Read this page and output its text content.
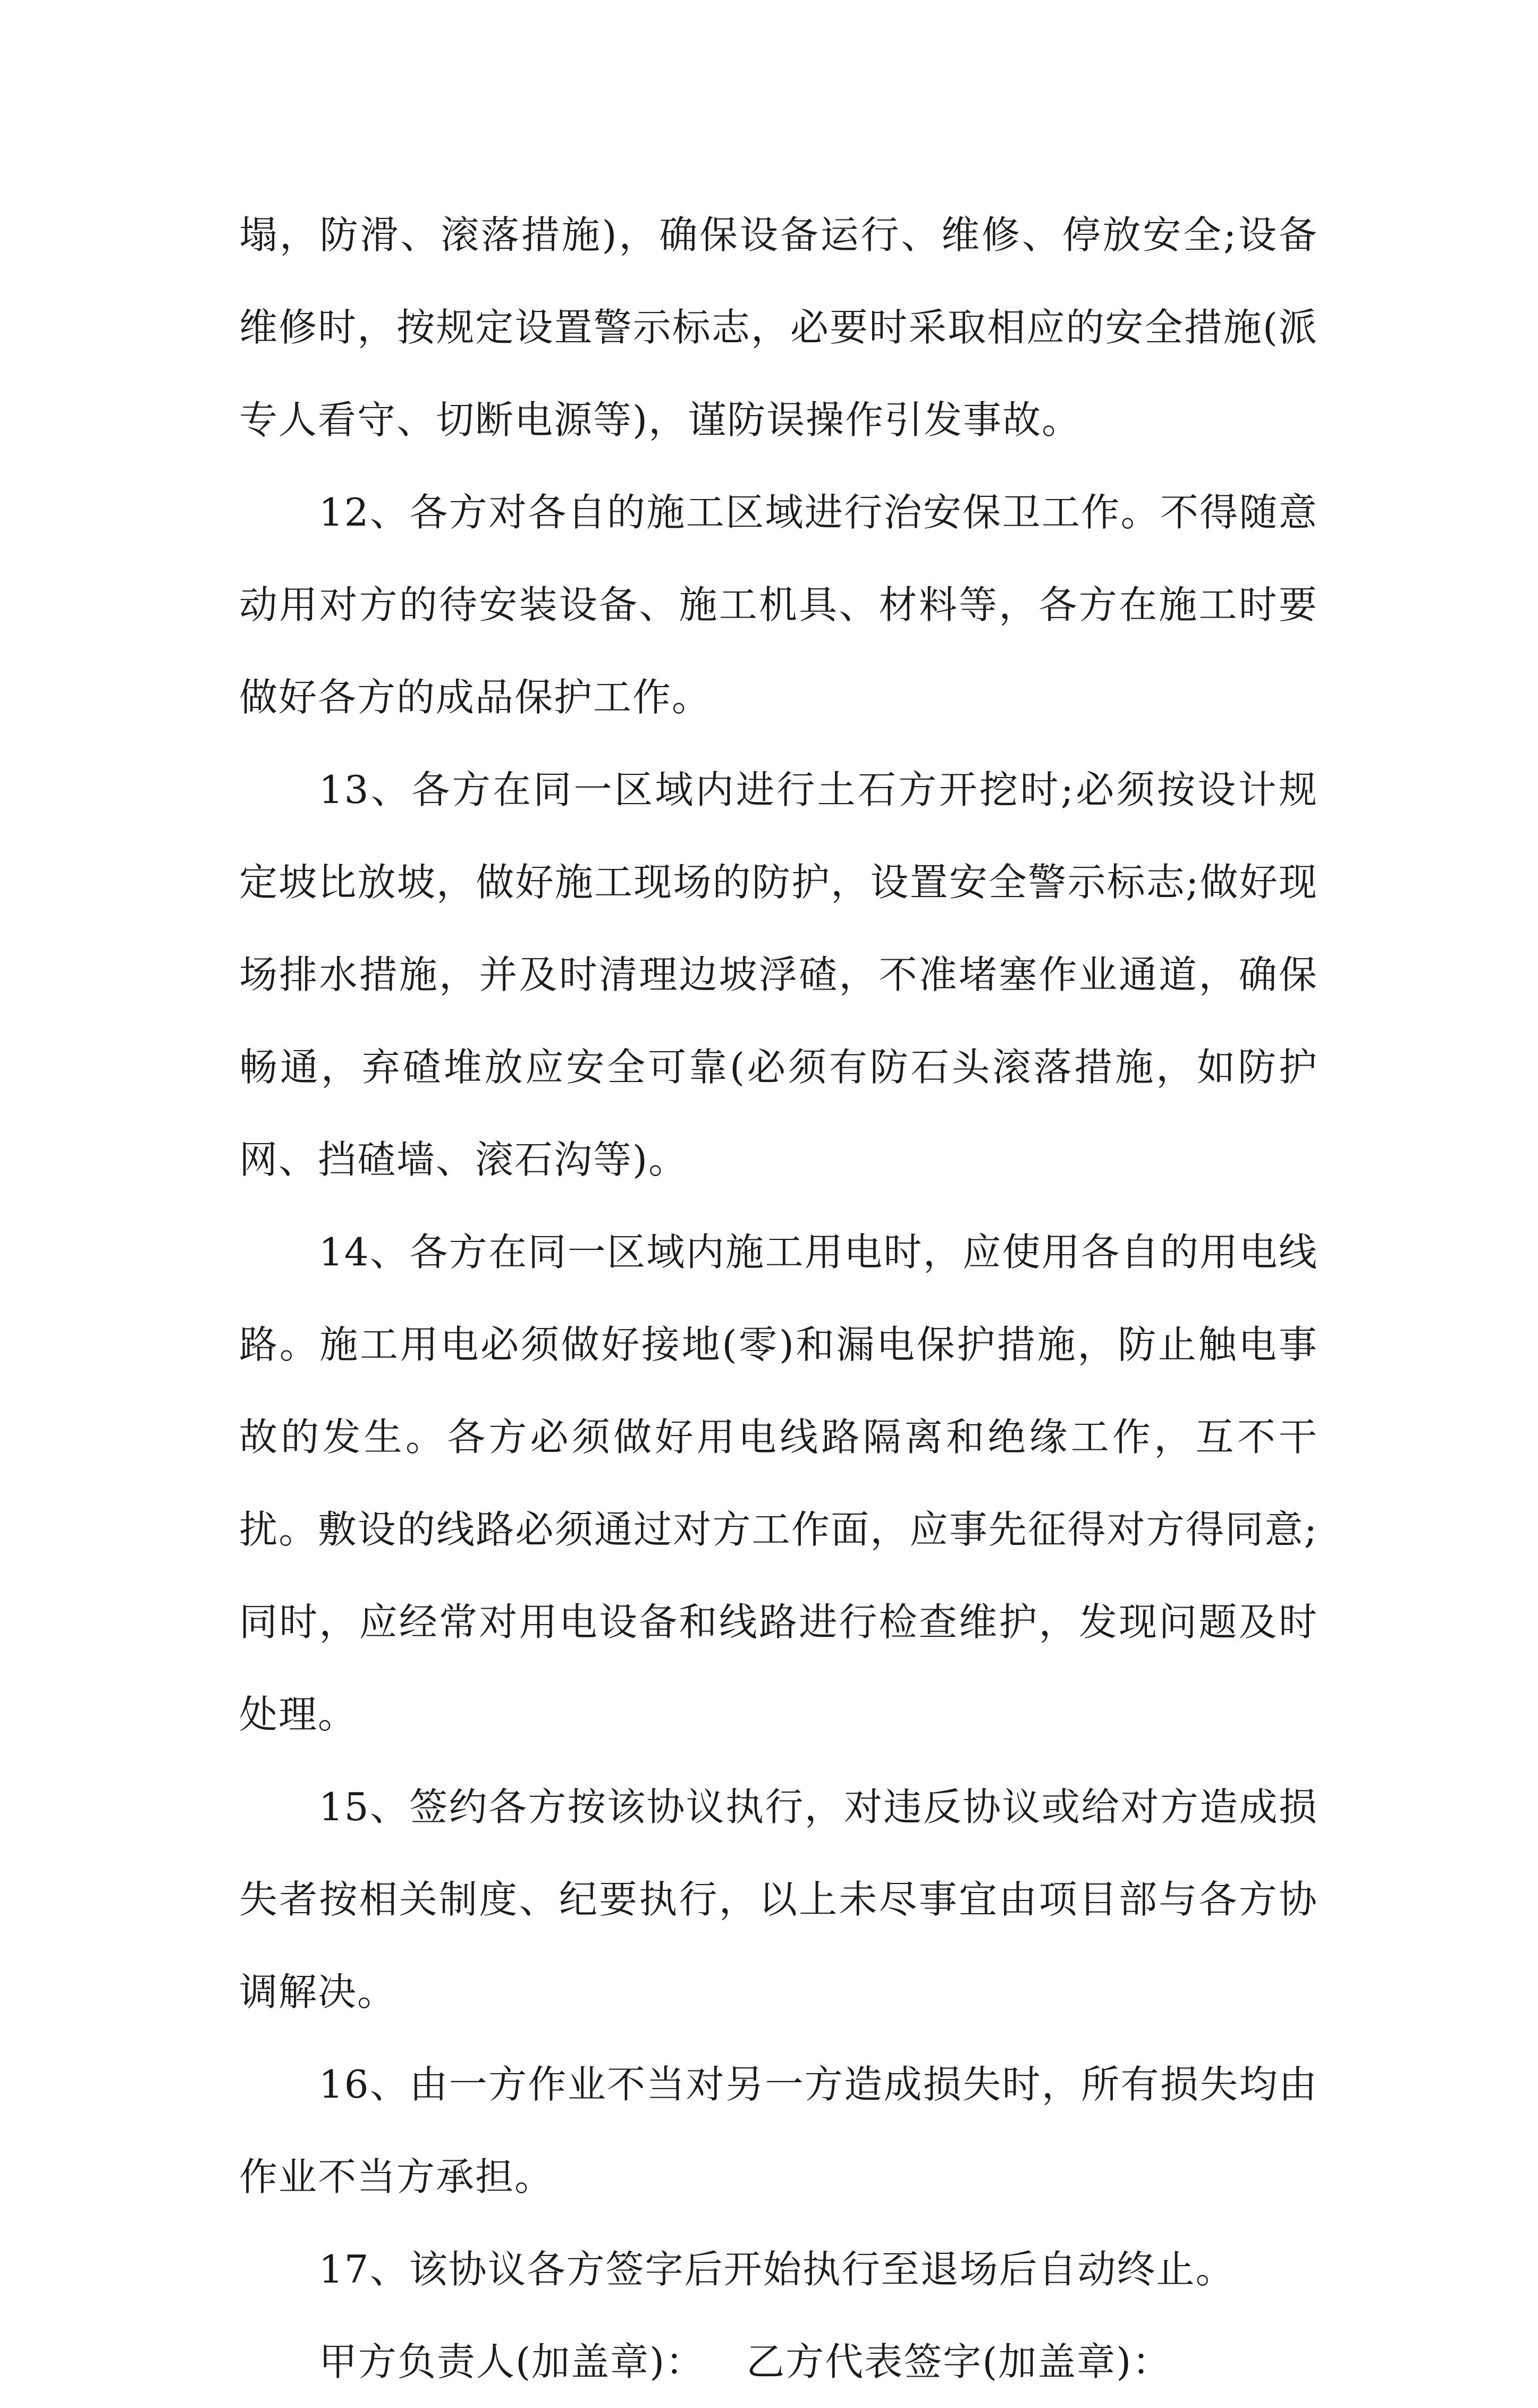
塌，防滑、滚落措施)，确保设备运行、维修、停放安全;设备维修时，按规定设置警示标志，必要时采取相应的安全措施(派专人看守、切断电源等)，谨防误操作引发事故。

12、各方对各自的施工区域进行治安保卫工作。不得随意动用对方的待安装设备、施工机具、材料等，各方在施工时要做好各方的成品保护工作。

13、各方在同一区域内进行土石方开挖时;必须按设计规定坡比放坡，做好施工现场的防护，设置安全警示标志;做好现场排水措施，并及时清理边坡浮碴，不准堵塞作业通道，确保畅通，弃碴堆放应安全可靠(必须有防石头滚落措施，如防护网、挡碴墙、滚石沟等)。

14、各方在同一区域内施工用电时，应使用各自的用电线路。施工用电必须做好接地(零)和漏电保护措施，防止触电事故的发生。各方必须做好用电线路隔离和绝缘工作，互不干扰。敷设的线路必须通过对方工作面，应事先征得对方得同意;同时，应经常对用电设备和线路进行检查维护，发现问题及时处理。

15、签约各方按该协议执行，对违反协议或给对方造成损失者按相关制度、纪要执行，以上未尽事宜由项目部与各方协调解决。

16、由一方作业不当对另一方造成损失时，所有损失均由作业不当方承担。

17、该协议各方签字后开始执行至退场后自动终止。

甲方负责人(加盖章)： 乙方代表签字(加盖章)：
